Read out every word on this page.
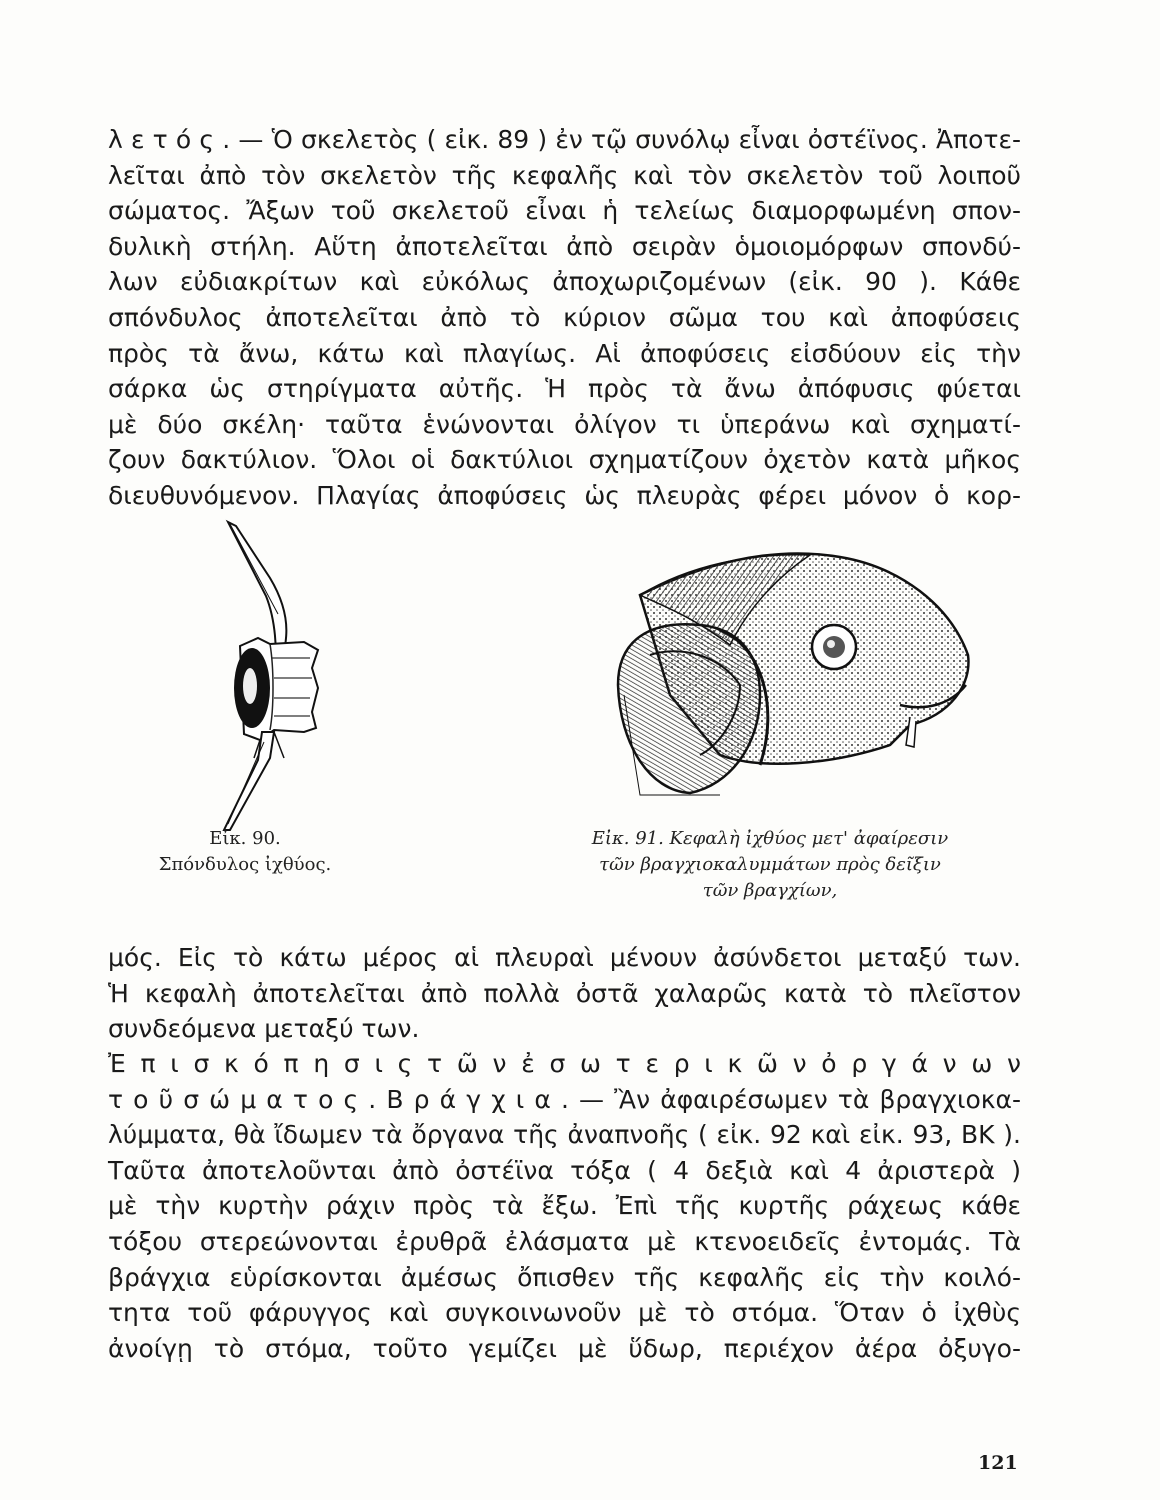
λ ε τ ό ς . — Ὁ σκελετὸς ( εἰκ. 89 ) ἐν τῷ συνόλῳ εἶναι ὀστέϊνος. Ἀποτε-
λεῖται ἀπὸ τὸν σκελετὸν τῆς κεφαλῆς καὶ τὸν σκελετὸν τοῦ λοιποῦ
σώματος. Ἄξων τοῦ σκελετοῦ εἶναι ἡ τελείως διαμορφωμένη σπον-
δυλικὴ στήλη. Αὕτη ἀποτελεῖται ἀπὸ σειρὰν ὁμοιομόρφων σπονδύ-
λων εὐδιακρίτων καὶ εὐκόλως ἀποχωριζομένων (εἰκ. 90 ). Κάθε
σπόνδυλος ἀποτελεῖται ἀπὸ τὸ κύριον σῶμα του καὶ ἀποφύσεις
πρὸς τὰ ἄνω, κάτω καὶ πλαγίως. Αἱ ἀποφύσεις εἰσδύουν εἰς τὴν
σάρκα ὡς στηρίγματα αὐτῆς. Ἡ πρὸς τὰ ἄνω ἀπόφυσις φύεται
μὲ δύο σκέλη· ταῦτα ἑνώνονται ὀλίγον τι ὑπεράνω καὶ σχηματί-
ζουν δακτύλιον. Ὅλοι οἱ δακτύλιοι σχηματίζουν ὀχετὸν κατὰ μῆκος
διευθυνόμενον. Πλαγίας ἀποφύσεις ὡς πλευρὰς φέρει μόνον ὁ κορ-
Εἰκ. 90.
Σπόνδυλος ἰχθύος.
Εἰκ. 91. Κεφαλὴ ἰχθύος μετ' ἀφαίρεσιν
τῶν βραγχιοκαλυμμάτων πρὸς δεῖξιν
τῶν βραγχίων,
μός. Εἰς τὸ κάτω μέρος αἱ πλευραὶ μένουν ἀσύνδετοι μεταξύ των.
Ἡ κεφαλὴ ἀποτελεῖται ἀπὸ πολλὰ ὀστᾶ χαλαρῶς κατὰ τὸ πλεῖστον
συνδεόμενα μεταξύ των.
Ἐ π ι σ κ ό π η σ ι ς τ ῶ ν ἐ σ ω τ ε ρ ι κ ῶ ν ὀ ρ γ ά ν ω ν
τ ο ῦ σ ώ μ α τ ο ς . Β ρ ά γ χ ι α . — Ἂν ἀφαιρέσωμεν τὰ βραγχιοκα-
λύμματα, θὰ ἴδωμεν τὰ ὄργανα τῆς ἀναπνοῆς ( εἰκ. 92 καὶ εἰκ. 93, ΒΚ ).
Ταῦτα ἀποτελοῦνται ἀπὸ ὀστέϊνα τόξα ( 4 δεξιὰ καὶ 4 ἀριστερὰ )
μὲ τὴν κυρτὴν ράχιν πρὸς τὰ ἔξω. Ἐπὶ τῆς κυρτῆς ράχεως κάθε
τόξου στερεώνονται ἐρυθρᾶ ἐλάσματα μὲ κτενοειδεῖς ἐντομάς. Τὰ
βράγχια εὑρίσκονται ἀμέσως ὄπισθεν τῆς κεφαλῆς εἰς τὴν κοιλό-
τητα τοῦ φάρυγγος καὶ συγκοινωνοῦν μὲ τὸ στόμα. Ὅταν ὁ ἰχθὺς
ἀνοίγῃ τὸ στόμα, τοῦτο γεμίζει μὲ ὕδωρ, περιέχον ἀέρα ὀξυγο-
121
